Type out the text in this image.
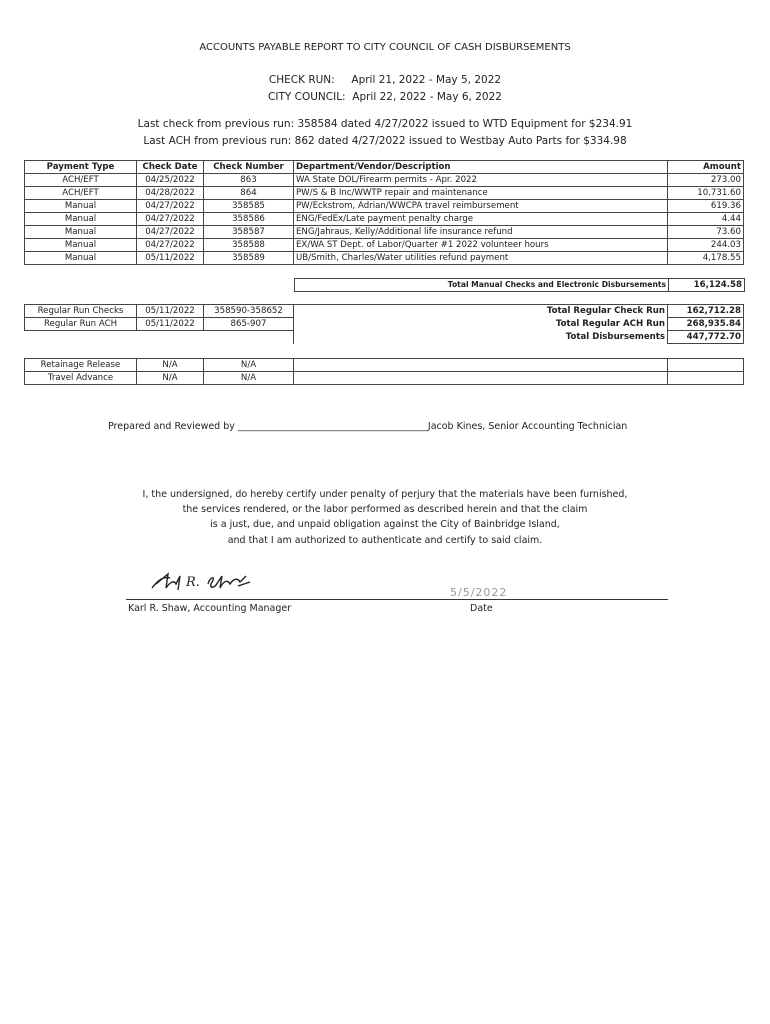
ACCOUNTS PAYABLE REPORT TO CITY COUNCIL OF CASH DISBURSEMENTS
CHECK RUN:     April 21, 2022 - May 5, 2022
CITY COUNCIL:  April 22, 2022 - May 6, 2022
Last check from previous run: 358584 dated 4/27/2022 issued to WTD Equipment for $234.91
Last ACH from previous run: 862 dated 4/27/2022 issued to Westbay Auto Parts for $334.98
Payment Type	Check Date	Check Number	Department/Vendor/Description	Amount
ACH/EFT	04/25/2022	863	WA State DOL/Firearm permits - Apr. 2022	273.00
ACH/EFT	04/28/2022	864	PW/S & B Inc/WWTP repair and maintenance	10,731.60
Manual	04/27/2022	358585	PW/Eckstrom, Adrian/WWCPA travel reimbursement	619.36
Manual	04/27/2022	358586	ENG/FedEx/Late payment penalty charge	4.44
Manual	04/27/2022	358587	ENG/Jahraus, Kelly/Additional life insurance refund	73.60
Manual	04/27/2022	358588	EX/WA ST Dept. of Labor/Quarter #1 2022 volunteer hours	244.03
Manual	05/11/2022	358589	UB/Smith, Charles/Water utilities refund payment	4,178.55
Total Manual Checks and Electronic Disbursements	16,124.58
Regular Run Checks	05/11/2022	358590-358652	Total Regular Check Run	162,712.28
Regular Run ACH	05/11/2022	865-907	Total Regular ACH Run	268,935.84
			Total Disbursements	447,772.70
Retainage Release	N/A	N/A		
Travel Advance	N/A	N/A		
Prepared and Reviewed by ________________________________________Jacob Kines, Senior Accounting Technician
I, the undersigned, do hereby certify under penalty of perjury that the materials have been furnished,
the services rendered, or the labor performed as described herein and that the claim
is a just, due, and unpaid obligation against the City of Bainbridge Island,
and that I am authorized to authenticate and certify to said claim.
R.
5/5/2022
Karl R. Shaw, Accounting Manager	Date
